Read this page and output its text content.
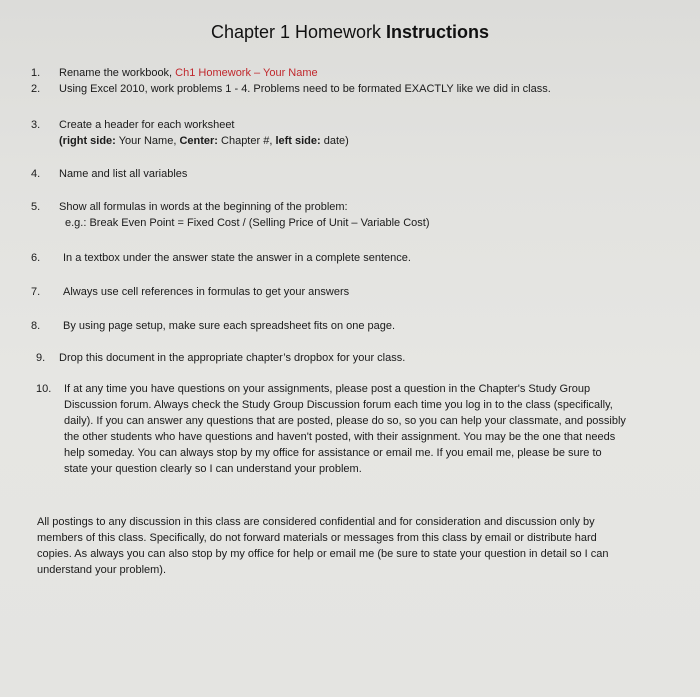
Chapter 1 Homework Instructions
1. Rename the workbook, Ch1 Homework – Your Name
2. Using Excel 2010, work problems 1 - 4. Problems need to be formated EXACTLY like we did in class.
3. Create a header for each worksheet
(right side: Your Name, Center: Chapter #, left side: date)
4. Name and list all variables
5. Show all formulas in words at the beginning of the problem:
e.g.: Break Even Point = Fixed Cost / (Selling Price of Unit – Variable Cost)
6. In a textbox under the answer state the answer in a complete sentence.
7. Always use cell references in formulas to get your answers
8. By using page setup, make sure each spreadsheet fits on one page.
9. Drop this document in the appropriate chapter’s dropbox for your class.
10. If at any time you have questions on your assignments, please post a question in the Chapter's Study Group
Discussion forum. Always check the Study Group Discussion forum each time you log in to the class (specifically,
daily). If you can answer any questions that are posted, please do so, so you can help your classmate, and possibly
the other students who have questions and haven't posted, with their assignment. You may be the one that needs
help someday. You can always stop by my office for assistance or email me. If you email me, please be sure to
state your question clearly so I can understand your problem.
All postings to any discussion in this class are considered confidential and for consideration and discussion only by
members of this class. Specifically, do not forward materials or messages from this class by email or distribute hard
copies. As always you can also stop by my office for help or email me (be sure to state your question in detail so I can
understand your problem).
